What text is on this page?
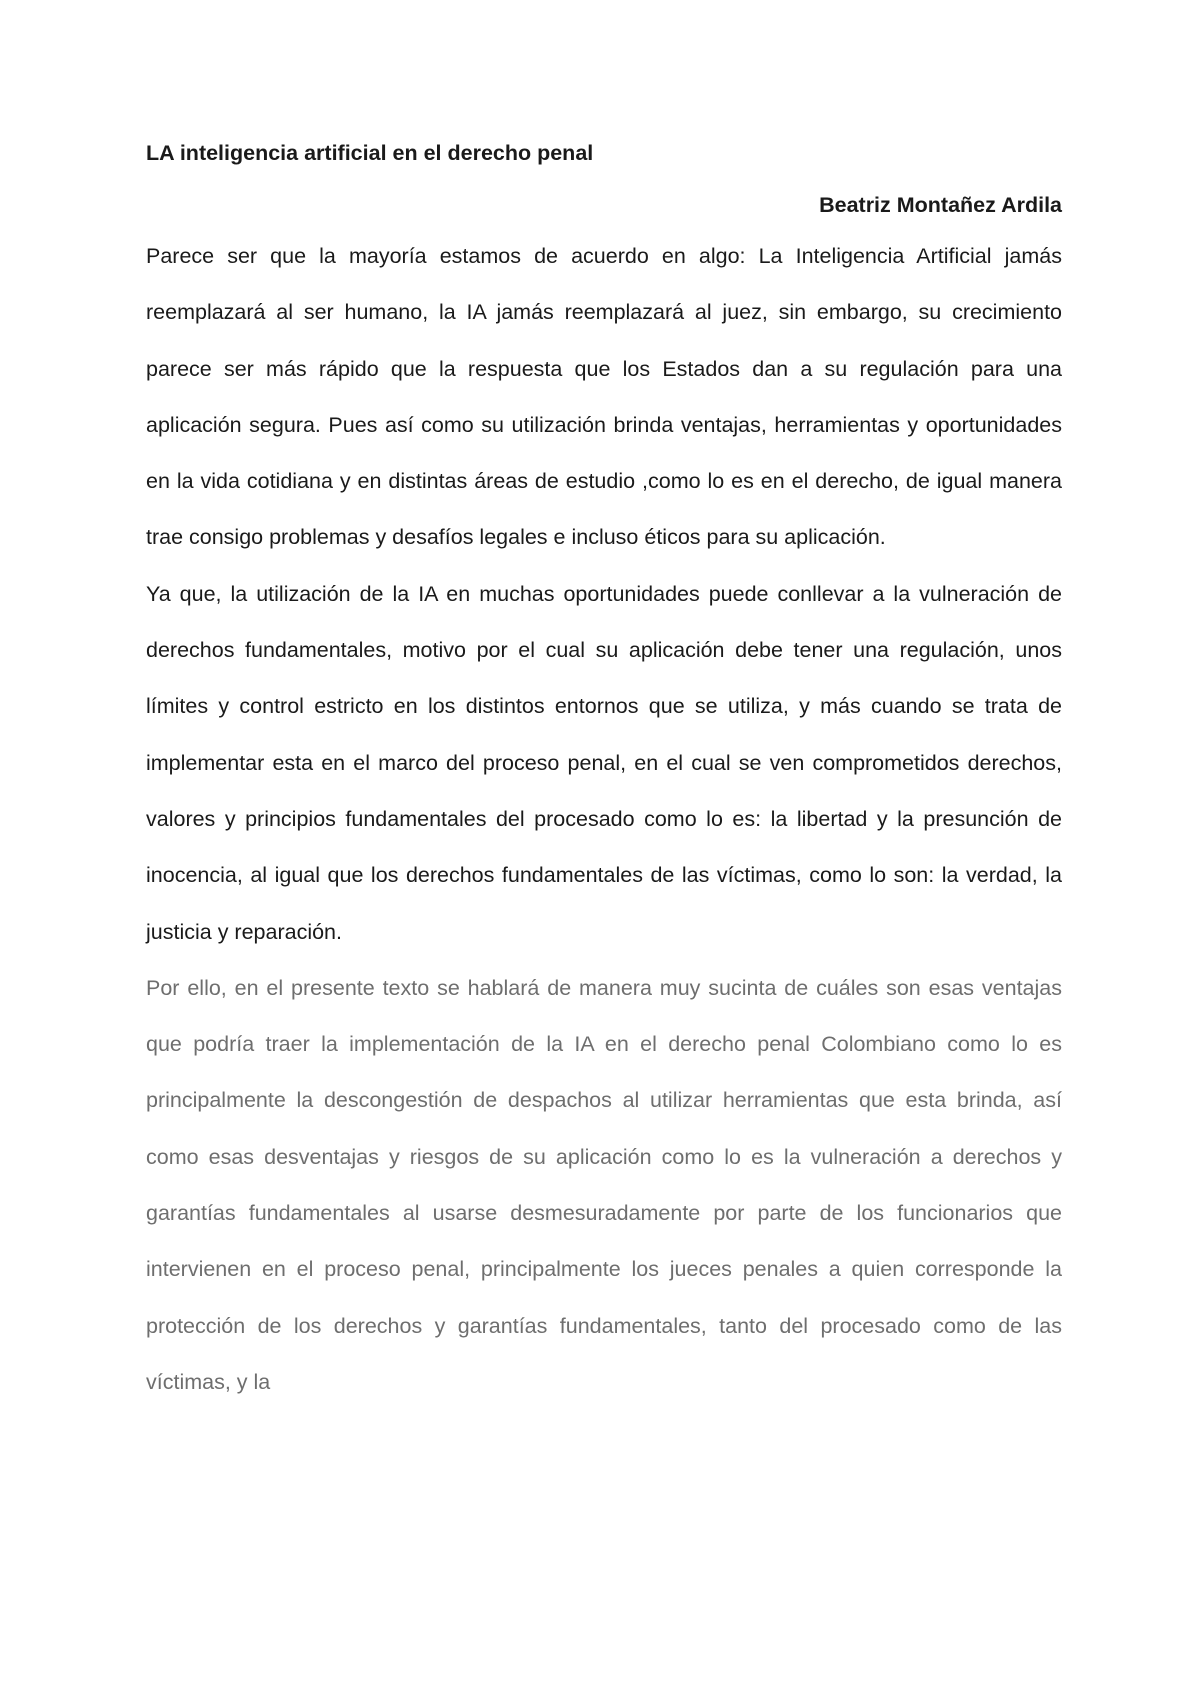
LA inteligencia artificial en el derecho penal
Beatriz Montañez Ardila

Parece ser que la mayoría estamos de acuerdo en algo: La Inteligencia Artificial jamás reemplazará al ser humano, la IA jamás reemplazará al juez, sin embargo, su crecimiento parece ser más rápido que la respuesta que los Estados dan a su regulación para una aplicación segura. Pues así como su utilización brinda ventajas, herramientas y oportunidades en la vida cotidiana y en distintas áreas de estudio ,como lo es en el derecho, de igual manera trae consigo problemas y desafíos legales e incluso éticos para su aplicación.

Ya que, la utilización de la IA en muchas oportunidades puede conllevar a la vulneración de derechos fundamentales, motivo por el cual su aplicación debe tener una regulación, unos límites y control estricto en los distintos entornos que se utiliza, y más cuando se trata de implementar esta en el marco del proceso penal, en el cual se ven comprometidos derechos, valores y principios fundamentales del procesado como lo es: la libertad y la presunción de inocencia, al igual que los derechos fundamentales de las víctimas, como lo son: la verdad, la justicia y reparación.

Por ello, en el presente texto se hablará de manera muy sucinta de cuáles son esas ventajas que podría traer la implementación de la IA en el derecho penal Colombiano como lo es principalmente la descongestión de despachos al utilizar herramientas que esta brinda, así como esas desventajas y riesgos de su aplicación como lo es la vulneración a derechos y garantías fundamentales al usarse desmesuradamente por parte de los funcionarios que intervienen en el proceso penal, principalmente los jueces penales a quien corresponde la protección de los derechos y garantías fundamentales, tanto del procesado como de las víctimas, y la
